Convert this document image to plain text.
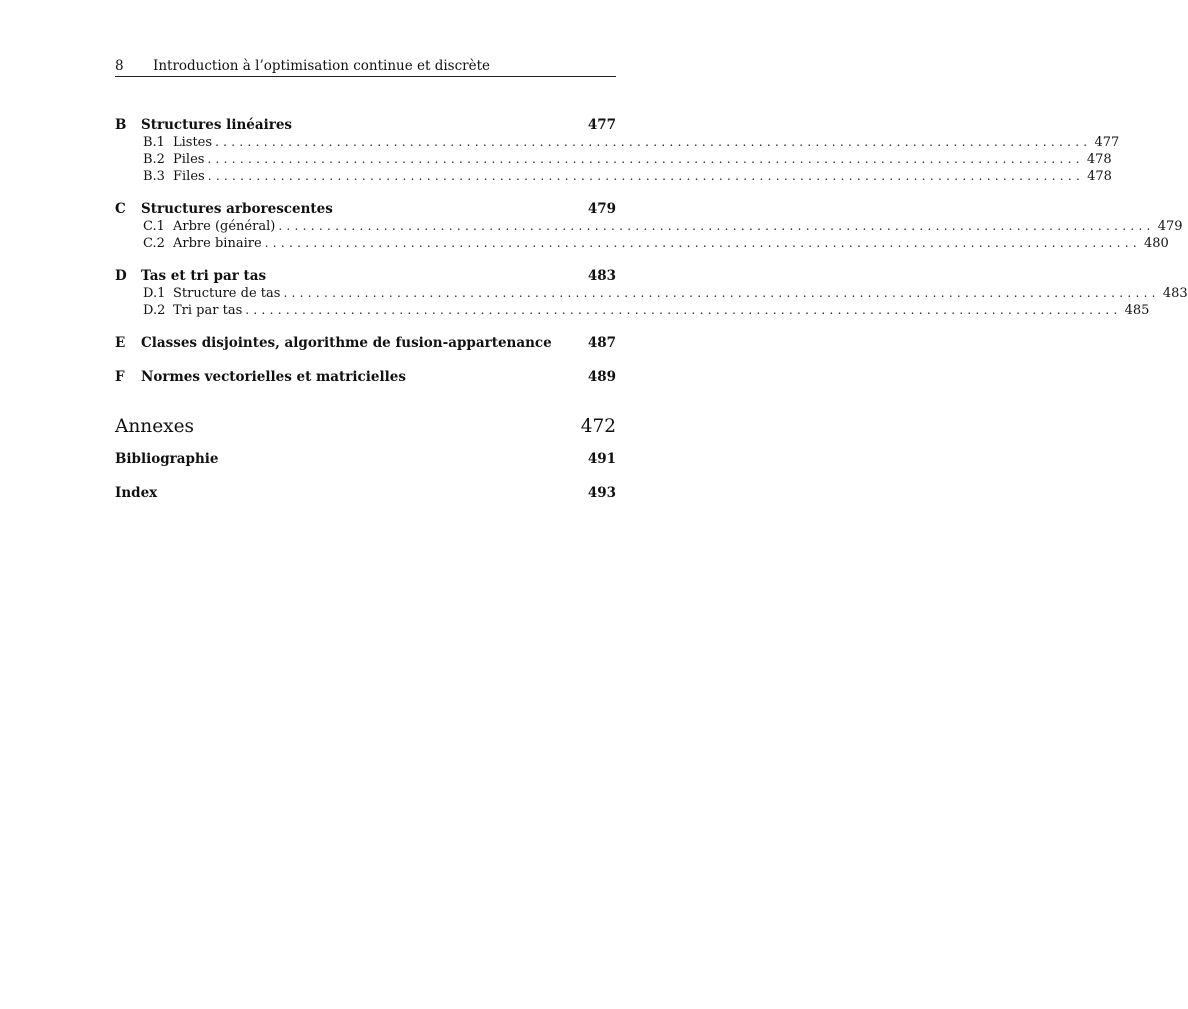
8 Introduction à l’optimisation continue et discrète
B	Structures linéaires	477
B.1 Listes ............................................................................................................ 477
B.2 Piles ............................................................................................................ 478
B.3 Files ............................................................................................................ 478
C	Structures arborescentes	479
C.1 Arbre (général) ............................................................................................................ 479
C.2 Arbre binaire ............................................................................................................ 480
D	Tas et tri par tas	483
D.1 Structure de tas ............................................................................................................ 483
D.2 Tri par tas ............................................................................................................ 485
E	Classes disjointes, algorithme de fusion-appartenance	487
F	Normes vectorielles et matricielles	489
Annexes	472
Bibliographie	491
Index	493
